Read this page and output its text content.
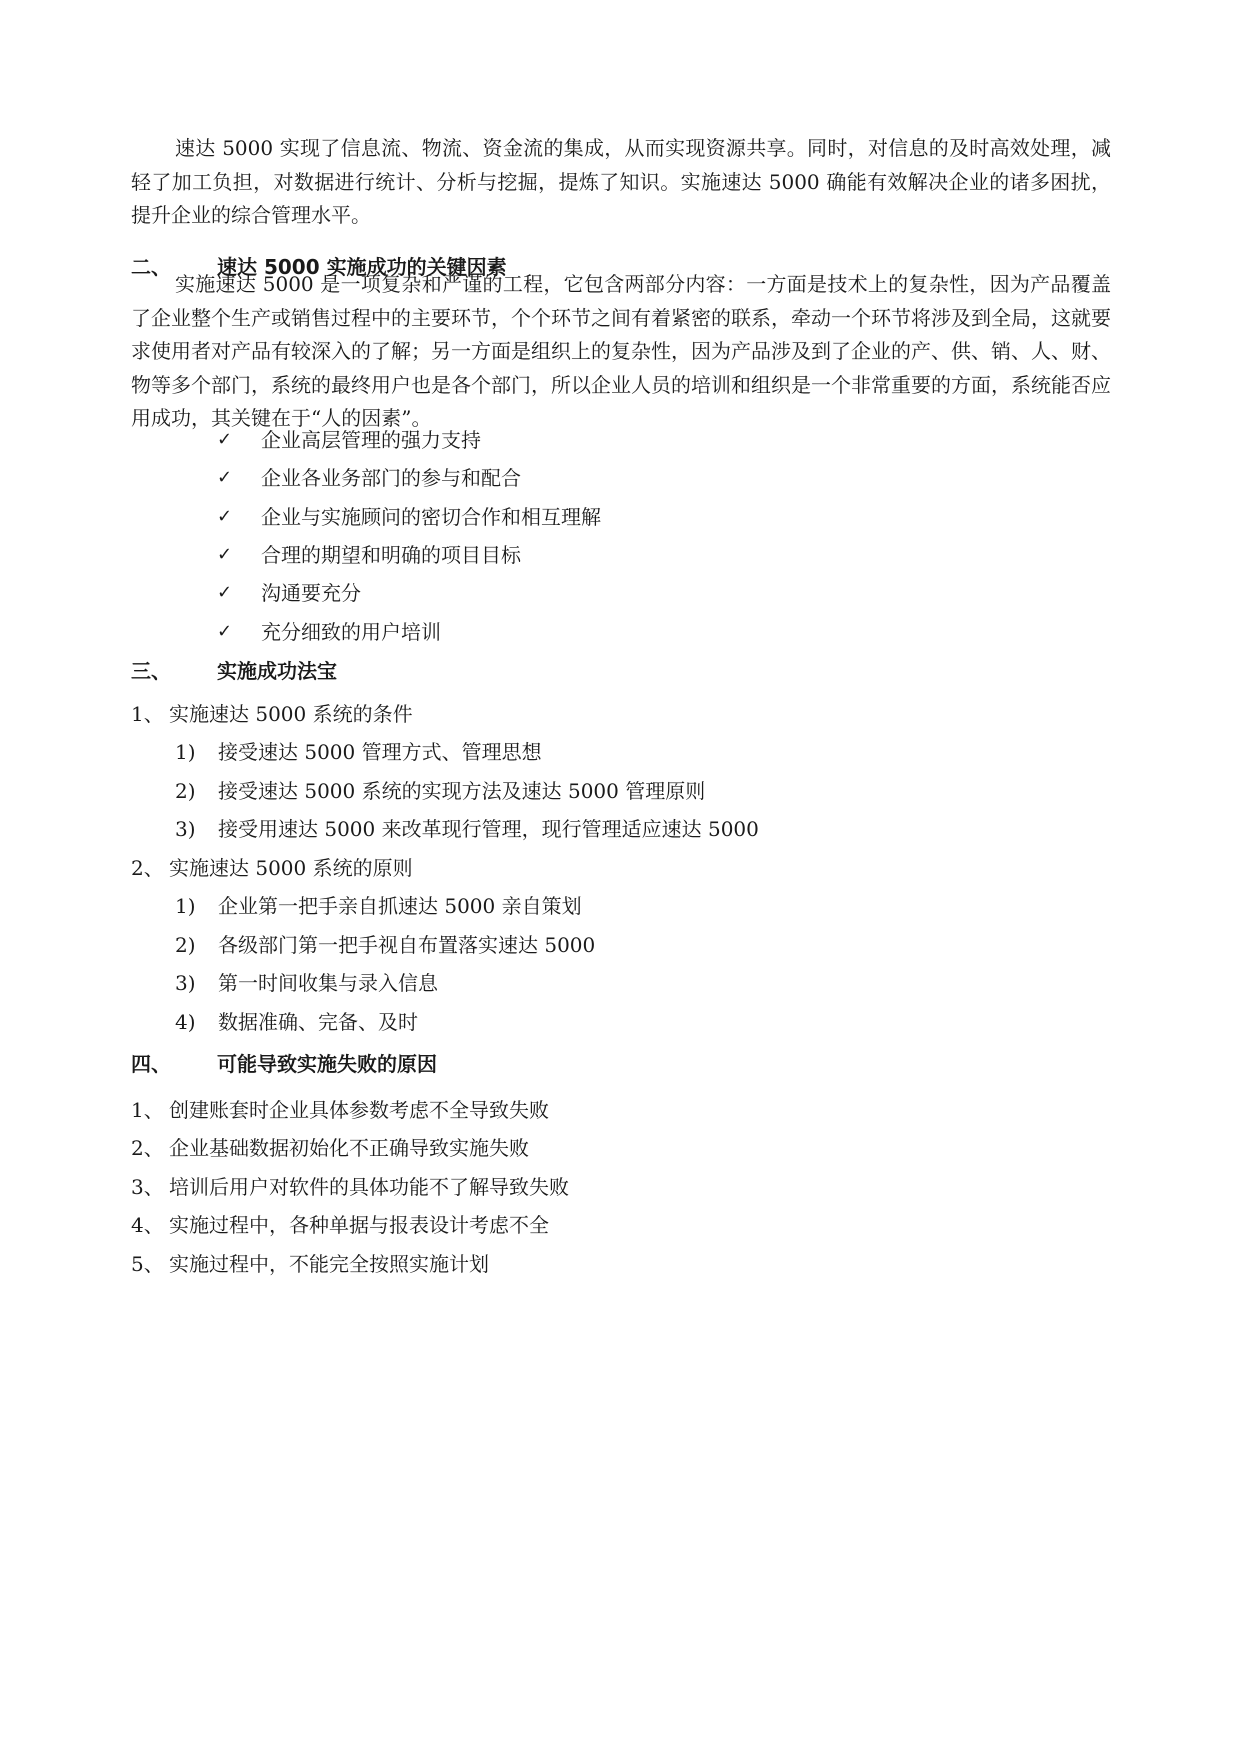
速达 5000 实现了信息流、物流、资金流的集成，从而实现资源共享。同时，对信息的及时高效处理，减轻了加工负担，对数据进行统计、分析与挖掘，提炼了知识。实施速达 5000 确能有效解决企业的诸多困扰，提升企业的综合管理水平。

二、 速达 5000 实施成功的关键因素

实施速达 5000 是一项复杂和严谨的工程，它包含两部分内容：一方面是技术上的复杂性，因为产品覆盖了企业整个生产或销售过程中的主要环节，个个环节之间有着紧密的联系，牵动一个环节将涉及到全局，这就要求使用者对产品有较深入的了解；另一方面是组织上的复杂性，因为产品涉及到了企业的产、供、销、人、财、物等多个部门，系统的最终用户也是各个部门，所以企业人员的培训和组织是一个非常重要的方面，系统能否应用成功，其关键在于“人的因素”。

✓	企业高层管理的强力支持
✓	企业各业务部门的参与和配合
✓	企业与实施顾问的密切合作和相互理解
✓	合理的期望和明确的项目目标
✓	沟通要充分
✓	充分细致的用户培训
三、 实施成功法宝
1、 实施速达 5000 系统的条件
1) 接受速达 5000 管理方式、管理思想
2) 接受速达 5000 系统的实现方法及速达 5000 管理原则
3) 接受用速达 5000 来改革现行管理，现行管理适应速达 5000
2、 实施速达 5000 系统的原则
1) 企业第一把手亲自抓速达 5000 亲自策划
2) 各级部门第一把手视自布置落实速达 5000
3) 第一时间收集与录入信息
4) 数据准确、完备、及时
四、 可能导致实施失败的原因
1、 创建账套时企业具体参数考虑不全导致失败
2、 企业基础数据初始化不正确导致实施失败
3、 培训后用户对软件的具体功能不了解导致失败
4、 实施过程中，各种单据与报表设计考虑不全
5、 实施过程中，不能完全按照实施计划
